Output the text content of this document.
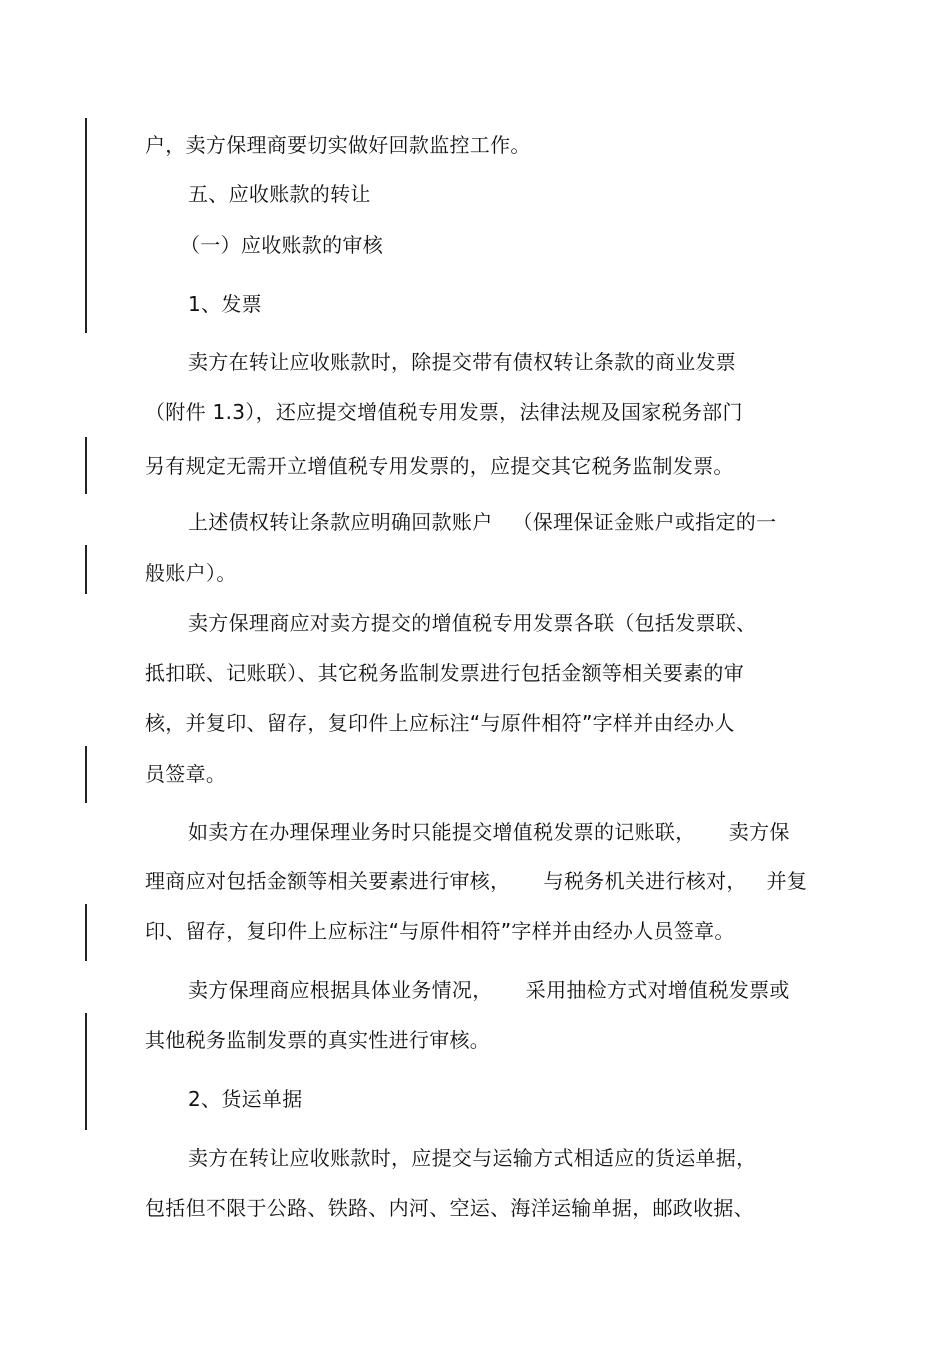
户，卖方保理商要切实做好回款监控工作。

五、应收账款的转让

（一）应收账款的审核

1、发票

卖方在转让应收账款时，除提交带有债权转让条款的商业发票

（附件 1.3），还应提交增值税专用发票，法律法规及国家税务部门

另有规定无需开立增值税专用发票的，应提交其它税务监制发票。

上述债权转让条款应明确回款账户   （保理保证金账户或指定的一

般账户）。

卖方保理商应对卖方提交的增值税专用发票各联（包括发票联、

抵扣联、记账联）、其它税务监制发票进行包括金额等相关要素的审

核，并复印、留存，复印件上应标注“与原件相符”字样并由经办人

员签章。

如卖方在办理保理业务时只能提交增值税发票的记账联，     卖方保

理商应对包括金额等相关要素进行审核，     与税务机关进行核对，   并复

印、留存，复印件上应标注“与原件相符”字样并由经办人员签章。

卖方保理商应根据具体业务情况，     采用抽检方式对增值税发票或

其他税务监制发票的真实性进行审核。

2、货运单据

卖方在转让应收账款时，应提交与运输方式相适应的货运单据，

包括但不限于公路、铁路、内河、空运、海洋运输单据，邮政收据、
